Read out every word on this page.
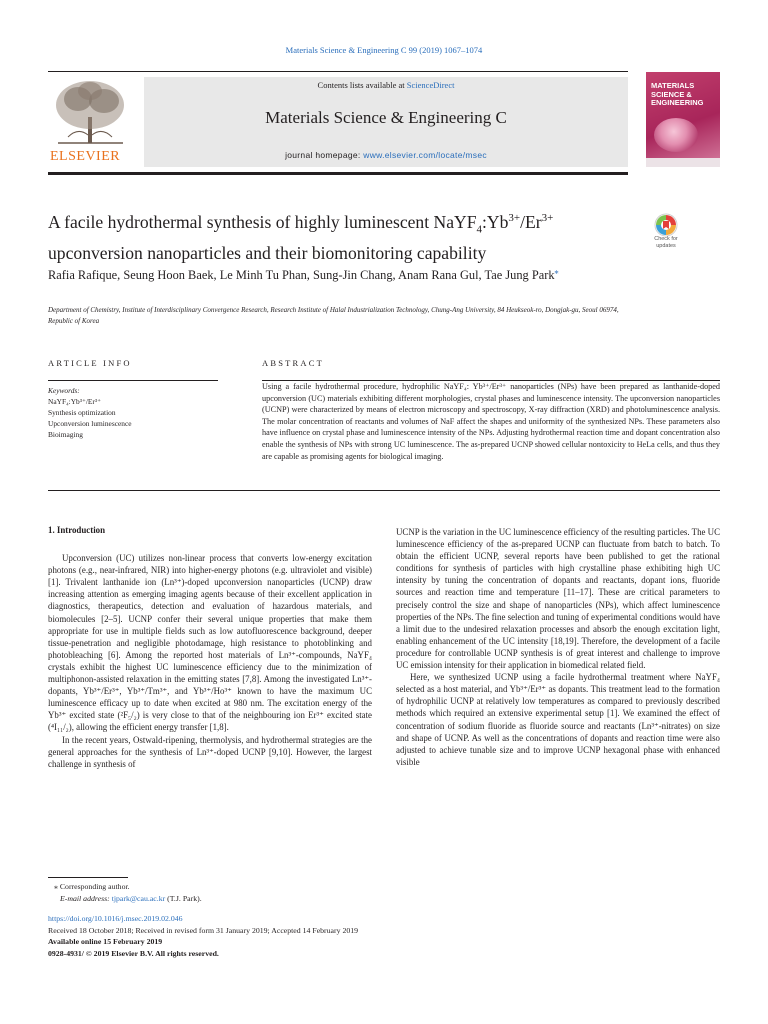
Materials Science & Engineering C 99 (2019) 1067–1074
ELSEVIER
Contents lists available at ScienceDirect
Materials Science & Engineering C
journal homepage: www.elsevier.com/locate/msec
MATERIALS SCIENCE & ENGINEERING
A facile hydrothermal synthesis of highly luminescent $NaYF_4:Yb^{3+}/Er^{3+}$ upconversion nanoparticles and their biomonitoring capability
Check for updates
Rafia Rafique, Seung Hoon Baek, Le Minh Tu Phan, Sung-Jin Chang, Anam Rana Gul, Tae Jung Park⁎
Department of Chemistry, Institute of Interdisciplinary Convergence Research, Research Institute of Halal Industrialization Technology, Chung-Ang University, 84 Heukseok-ro, Dongjak-gu, Seoul 06974, Republic of Korea
ARTICLE INFO	ABSTRACT
Keywords:
NaYF₄:Yb³⁺/Er³⁺
Synthesis optimization
Upconversion luminescence
Bioimaging
Using a facile hydrothermal procedure, hydrophilic NaYF₄: Yb³⁺/Er³⁺ nanoparticles (NPs) have been prepared as lanthanide-doped upconversion (UC) materials exhibiting different morphologies, crystal phases and luminescence intensity. The upconversion nanoparticles (UCNP) were characterized by means of electron microscopy and spectroscopy, X-ray diffraction (XRD) and photoluminescence analysis. The molar concentration of reactants and volumes of NaF affect the shapes and uniformity of the synthesized NPs. These parameters also have influence on crystal phase and luminescence intensity of the NPs. Adjusting hydrothermal reaction time and dopant concentration also enable the synthesis of NPs with strong UC luminescence. The as-prepared UCNP showed cellular nontoxicity to HeLa cells, and thus they are capable as promising agents for biological imaging.
1. Introduction

Upconversion (UC) utilizes non-linear process that converts low-energy excitation photons (e.g., near-infrared, NIR) into higher-energy photons (e.g. ultraviolet and visible) [1]. Trivalent lanthanide ion (Ln³⁺)-doped upconversion nanoparticles (UCNP) draw increasing attention as emerging imaging agents because of their excellent application in diagnostics, therapeutics, detection and evaluation of hazardous materials, and biomolecules [2–5]. UCNP confer their several unique properties that make them appropriate for use in multiple fields such as low autofluorescence background, deeper tissue-penetration and negligible photodamage, high resistance to photoblinking and photobleaching [6]. Among the reported host materials of Ln³⁺-compounds, NaYF₄ crystals exhibit the highest UC luminescence efficiency due to the minimization of multiphonon-assisted relaxation in the emitting states [7,8]. Among the investigated Ln³⁺-dopants, Yb³⁺/Er³⁺, Yb³⁺/Tm³⁺, and Yb³⁺/Ho³⁺ known to have the maximum UC luminescence efficacy up to date when excited at 980 nm. The excitation energy of the Yb³⁺ excited state (²F₅/₂) is very close to that of the neighbouring ion Er³⁺ excited state (⁴I₁₁/₂), allowing the efficient energy transfer [1,8].

In the recent years, Ostwald-ripening, thermolysis, and hydrothermal strategies are the general approaches for the synthesis of Ln³⁺-doped UCNP [9,10]. However, the largest challenge in synthesis of

UCNP is the variation in the UC luminescence efficiency of the resulting particles. The UC luminescence efficiency of the as-prepared UCNP can fluctuate from batch to batch. To obtain the efficient UCNP, several reports have been published to get the rational conditions for synthesis of particles with high crystalline phase exhibiting high UC intensity by tuning the concentration of dopants and reactants, dopant ions, fluoride sources and reaction time and temperature [11–17]. These are critical parameters to precisely control the size and shape of nanoparticles (NPs), which affect luminescence properties of the NPs. The fine selection and tuning of experimental conditions would have a limit due to the undesired relaxation processes and absorb the enough excitation light, enabling enhancement of the UC intensity [18,19]. Therefore, the development of a facile procedure for controllable UCNP synthesis is of great interest and challenge to improve UC emission intensity for their application in biomedical related field.

Here, we synthesized UCNP using a facile hydrothermal treatment where NaYF₄ selected as a host material, and Yb³⁺/Er³⁺ as dopants. This treatment lead to the formation of hydrophilic UCNP at relatively low temperatures as compared to previously described methods which required an extensive experimental setup [1]. We examined the effect of concentration of sodium fluoride as fluoride source and reactants (Ln³⁺-nitrates) on size and shape of UCNP. As well as the concentrations of dopants and reaction time were also adjusted to achieve tunable size and to improve UCNP hexagonal phase with enhanced visible

⁎ Corresponding author.
E-mail address: tjpark@cau.ac.kr (T.J. Park).
https://doi.org/10.1016/j.msec.2019.02.046
Received 18 October 2018; Received in revised form 31 January 2019; Accepted 14 February 2019
Available online 15 February 2019
0928-4931/ © 2019 Elsevier B.V. All rights reserved.
